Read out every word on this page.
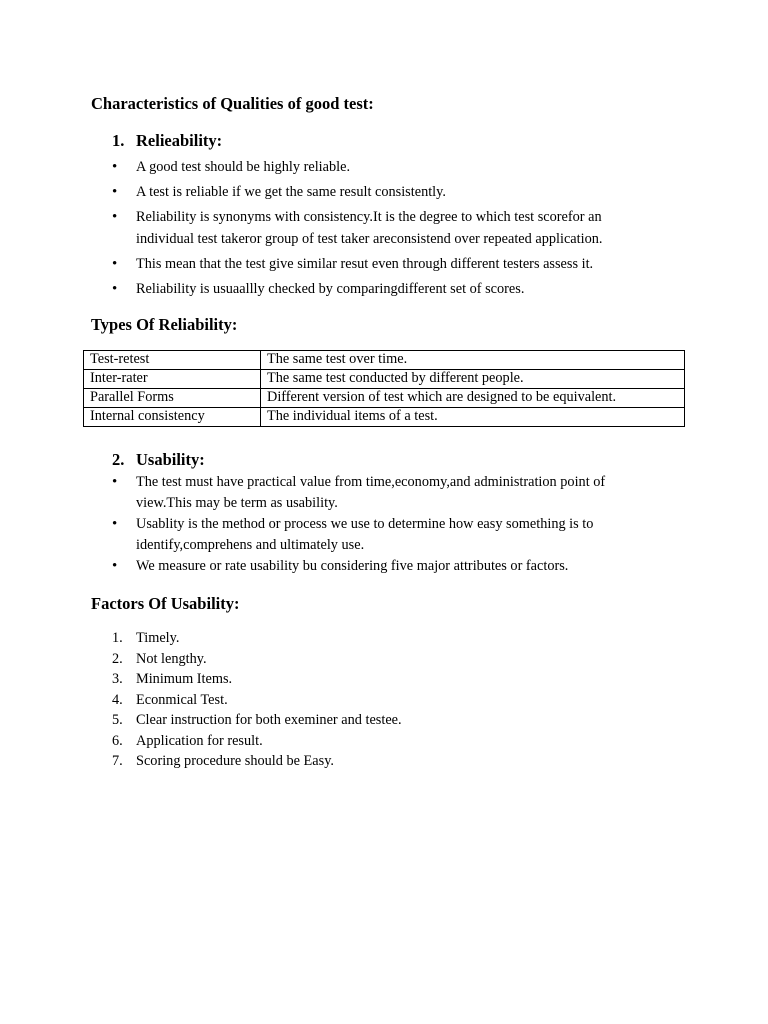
Characteristics of Qualities of good test:
1. Relieability:
• A good test should be highly reliable.
• A test is reliable if we get the same result consistently.
• Reliability is synonyms with consistency.It is the degree to which test scorefor an individual test takeror group of test taker areconsistend over repeated application.
• This mean that the test give similar resut even through different testers assess it.
• Reliability is usuaallly checked by comparingdifferent set of scores.
Types Of Reliability:
Test-retest	The same test over time.
Inter-rater	The same test conducted by different people.
Parallel Forms	Different version of test which are designed to be equivalent.
Internal consistency	The individual items of a test.
2. Usability:
• The test must have practical value from time,economy,and administration point of view.This may be term as usability.
• Usablity is the method or process we use to determine how easy something is to identify,comprehens and ultimately use.
• We measure or rate usability bu considering five major attributes or factors.
Factors Of Usability:
1. Timely.
2. Not lengthy.
3. Minimum Items.
4. Econmical Test.
5. Clear instruction for both exeminer and testee.
6. Application for result.
7. Scoring procedure should be Easy.
